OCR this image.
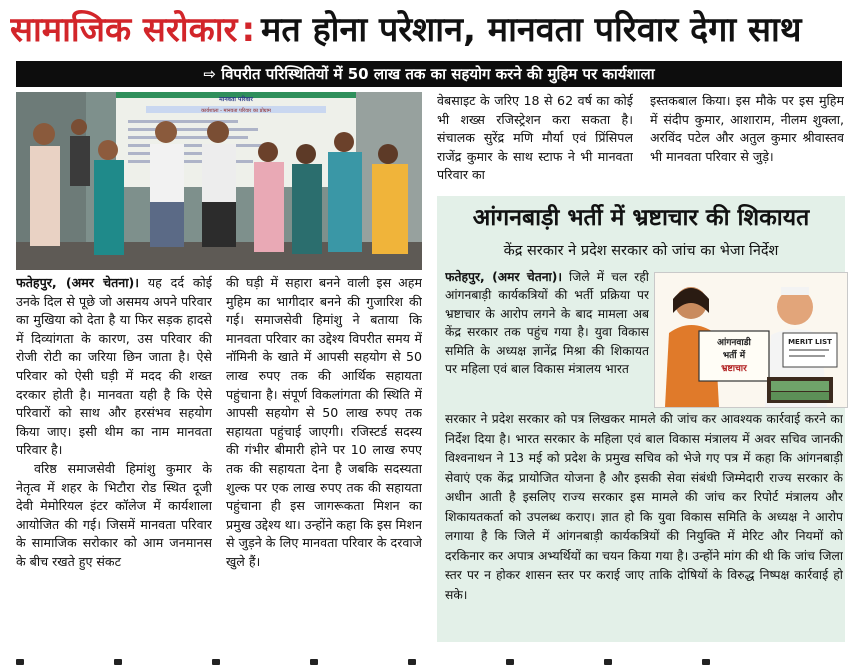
सामाजिक सरोकार : मत होना परेशान, मानवता परिवार देगा साथ
⇨ विपरीत परिस्थितियों में 50 लाख तक का सहयोग करने की मुहिम पर कार्यशाला
मानवता परिवार
कार्यशाला - मानवता परिवार का प्रोग्राम

फतेहपुर, (अमर चेतना)। यह दर्द कोई उनके दिल से पूछे जो असमय अपने परिवार का मुखिया को देता है या फिर सड़क हादसे में दिव्यांगता के कारण, उस परिवार की रोजी रोटी का जरिया छिन जाता है। ऐसे परिवार को ऐसी घड़ी में मदद की शख्त दरकार होती है। मानवता यही है कि ऐसे परिवारों को साथ और हरसंभव सहयोग किया जाए। इसी थीम का नाम मानवता परिवार है।

वरिष्ठ समाजसेवी हिमांशु कुमार के नेतृत्व में शहर के भिटौरा रोड स्थित दूजी देवी मेमोरियल इंटर कॉलेज में कार्यशाला आयोजित की गई। जिसमें मानवता परिवार के सामाजिक सरोकार को आम जनमानस के बीच रखते हुए संकट

की घड़ी में सहारा बनने वाली इस अहम मुहिम का भागीदार बनने की गुजारिश की गई। समाजसेवी हिमांशु ने बताया कि मानवता परिवार का उद्देश्य विपरीत समय में नॉमिनी के खाते में आपसी सहयोग से 50 लाख रुपए तक की आर्थिक सहायता पहुंचाना है। संपूर्ण विकलांगता की स्थिति में आपसी सहयोग से 50 लाख रुपए तक सहायता पहुंचाई जाएगी। रजिस्टर्ड सदस्य की गंभीर बीमारी होने पर 10 लाख रुपए तक की सहायता देना है जबकि सदस्यता शुल्क पर एक लाख रुपए तक की सहायता पहुंचाना ही इस जागरूकता मिशन का प्रमुख उद्देश्य था। उन्होंने कहा कि इस मिशन से जुड़ने के लिए मानवता परिवार के दरवाजे खुले हैं।

वेबसाइट के जरिए 18 से 62 वर्ष का कोई भी शख्स रजिस्ट्रेशन करा सकता है। संचालक सुरेंद्र मणि मौर्या एवं प्रिंसिपल राजेंद्र कुमार के साथ स्टाफ ने भी मानवता परिवार का

इस्तकबाल किया। इस मौके पर इस मुहिम में संदीप कुमार, आशाराम, नीलम शुक्ला, अरविंद पटेल और अतुल कुमार श्रीवास्तव भी मानवता परिवार से जुड़े।

आंगनबाड़ी भर्ती में भ्रष्टाचार की शिकायत
केंद्र सरकार ने प्रदेश सरकार को जांच का भेजा निर्देश

फतेहपुर, (अमर चेतना)। जिले में चल रही आंगनबाड़ी कार्यकत्रियों की भर्ती प्रक्रिया पर भ्रष्टाचार के आरोप लगने के बाद मामला अब केंद्र सरकार तक पहुंच गया है। युवा विकास समिति के अध्यक्ष ज्ञानेंद्र मिश्रा की शिकायत पर महिला एवं बाल विकास मंत्रालय भारत

सरकार ने प्रदेश सरकार को पत्र लिखकर मामले की जांच कर आवश्यक कार्रवाई करने का निर्देश दिया है। भारत सरकार के महिला एवं बाल विकास मंत्रालय में अवर सचिव जानकी विश्वनाथन ने 13 मई को प्रदेश के प्रमुख सचिव को भेजे गए पत्र में कहा कि आंगनबाड़ी सेवाएं एक केंद्र प्रायोजित योजना है और इसकी सेवा संबंधी जिम्मेदारी राज्य सरकार के अधीन आती है इसलिए राज्य सरकार इस मामले की जांच कर रिपोर्ट मंत्रालय और शिकायतकर्ता को उपलब्ध कराए। ज्ञात हो कि युवा विकास समिति के अध्यक्ष ने आरोप लगाया है कि जिले में आंगनबाड़ी कार्यकत्रियों की नियुक्ति में मेरिट और नियमों को दरकिनार कर अपात्र अभ्यर्थियों का चयन किया गया है। उन्होंने मांग की थी कि जांच जिला स्तर पर न होकर शासन स्तर पर कराई जाए ताकि दोषियों के विरुद्ध निष्पक्ष कार्रवाई हो सके।

MERIT LIST
आंगनवाडी
भर्ती में
भ्रष्टाचार
